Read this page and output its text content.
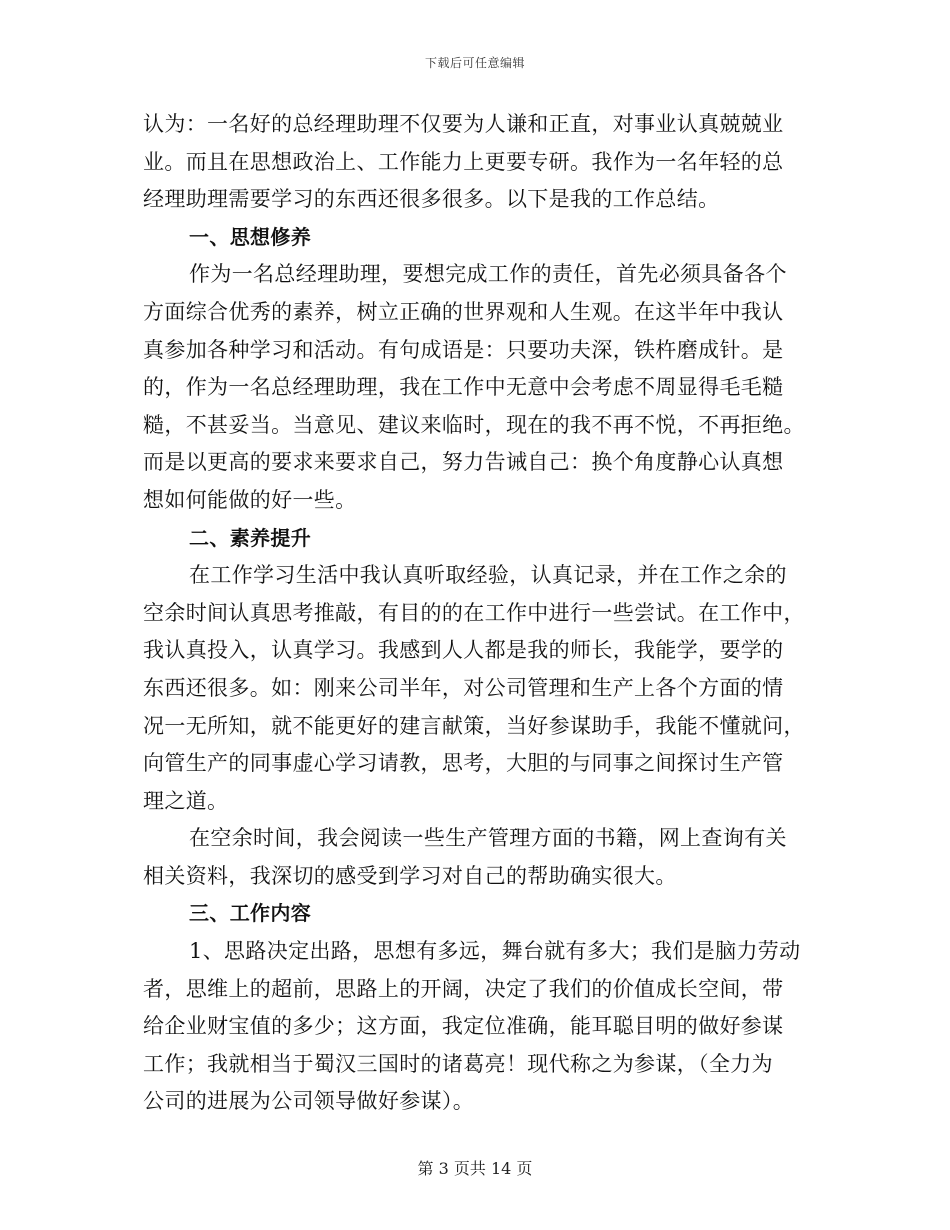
下载后可任意编辑
认为：一名好的总经理助理不仅要为人谦和正直，对事业认真兢兢业
业。而且在思想政治上、工作能力上更要专研。我作为一名年轻的总
经理助理需要学习的东西还很多很多。以下是我的工作总结。
一、思想修养
作为一名总经理助理，要想完成工作的责任，首先必须具备各个
方面综合优秀的素养，树立正确的世界观和人生观。在这半年中我认
真参加各种学习和活动。有句成语是：只要功夫深，铁杵磨成针。是
的，作为一名总经理助理，我在工作中无意中会考虑不周显得毛毛糙
糙，不甚妥当。当意见、建议来临时，现在的我不再不悦，不再拒绝。
而是以更高的要求来要求自己，努力告诫自己：换个角度静心认真想
想如何能做的好一些。
二、素养提升
在工作学习生活中我认真听取经验，认真记录，并在工作之余的
空余时间认真思考推敲，有目的的在工作中进行一些尝试。在工作中，
我认真投入，认真学习。我感到人人都是我的师长，我能学，要学的
东西还很多。如：刚来公司半年，对公司管理和生产上各个方面的情
况一无所知，就不能更好的建言献策，当好参谋助手，我能不懂就问，
向管生产的同事虚心学习请教，思考，大胆的与同事之间探讨生产管
理之道。
在空余时间，我会阅读一些生产管理方面的书籍，网上查询有关
相关资料，我深切的感受到学习对自己的帮助确实很大。
三、工作内容
1、思路决定出路，思想有多远，舞台就有多大；我们是脑力劳动
者，思维上的超前，思路上的开阔，决定了我们的价值成长空间，带
给企业财宝值的多少；这方面，我定位准确，能耳聪目明的做好参谋
工作；我就相当于蜀汉三国时的诸葛亮！现代称之为参谋，（全力为
公司的进展为公司领导做好参谋）。
第 3 页共 14 页
